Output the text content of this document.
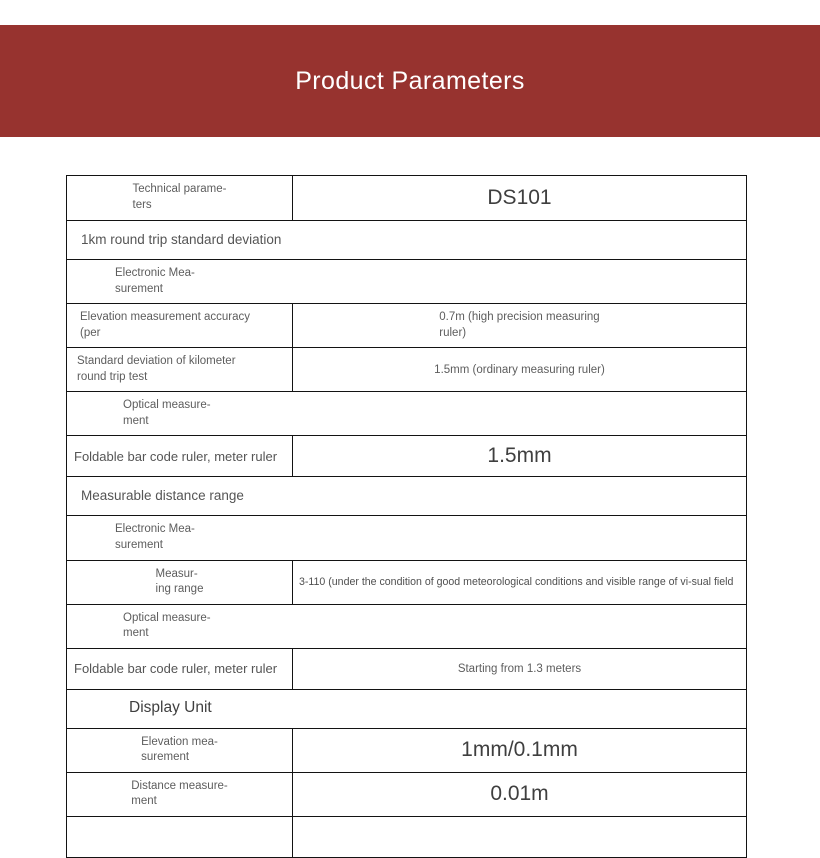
Product Parameters
Technical parame-
ters	DS101

1km round trip standard deviation	

Electronic Mea-
surement	

Elevation measurement accuracy
(per	0.7m (high precision measuring
ruler)

Standard deviation of kilometer
round trip test	1.5mm (ordinary measuring ruler)

Optical measure-
ment	

Foldable bar code ruler, meter ruler	1.5mm

Measurable distance range	

Electronic Mea-
surement	

Measur-
ing range	3-110 (under the condition of good meteorological conditions and visible range of vi-sual field

Optical measure-
ment	

Foldable bar code ruler, meter ruler	Starting from 1.3 meters

Display Unit	

Elevation mea-
surement	1mm/0.1mm

Distance measure-
ment	0.01m
